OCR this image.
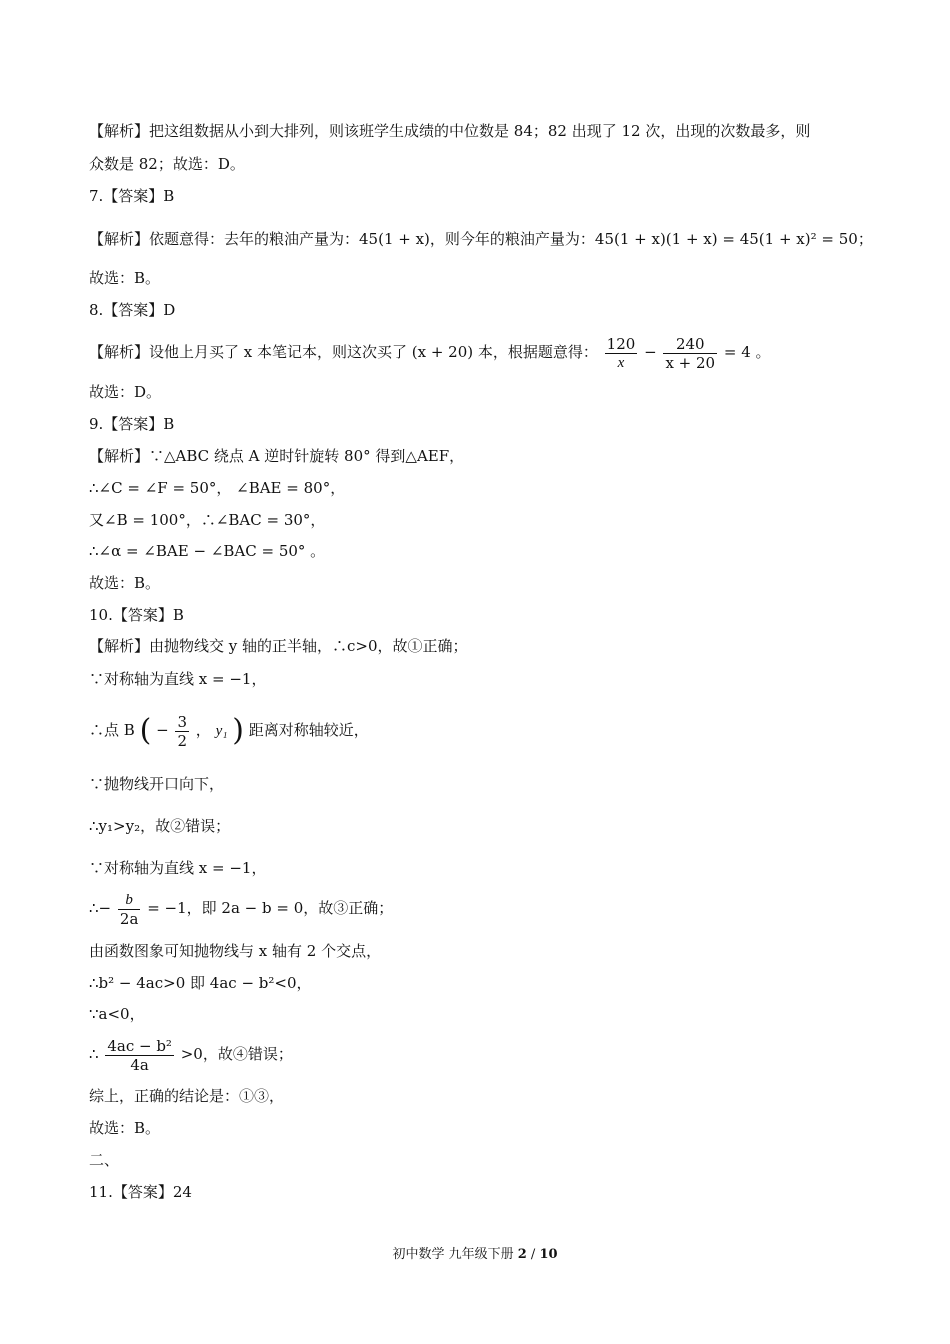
【解析】把这组数据从小到大排列，则该班学生成绩的中位数是 84；82 出现了 12 次，出现的次数最多，则
众数是 82；故选：D。
7.【答案】B
【解析】依题意得：去年的粮油产量为：45(1 + x)，则今年的粮油产量为：45(1 + x)(1 + x) = 45(1 + x)² = 50；
故选：B。
8.【答案】D
【解析】设他上月买了 x 本笔记本，则这次买了 (x + 20) 本，根据题意得： $\frac{120}{x} - \frac{240}{x + 20} = 4$ 。
故选：D。
9.【答案】B
【解析】∵△ABC 绕点 A 逆时针旋转 80° 得到△AEF，
∴∠C = ∠F = 50°， ∠BAE = 80°，
又∠B = 100°，∴∠BAC = 30°，
∴∠α = ∠BAE − ∠BAC = 50° 。
故选：B。
10.【答案】B
【解析】由抛物线交 y 轴的正半轴，∴c>0，故①正确；
∵对称轴为直线 x = −1，
∴点 B ( − $\frac{3}{2}$ ， y₁ ) 距离对称轴较近，
∵抛物线开口向下，
∴y₁>y₂，故②错误；
∵对称轴为直线 x = −1，
∴− $\frac{b}{2a} = -1$，即 2a − b = 0，故③正确；
由函数图象可知抛物线与 x 轴有 2 个交点，
∴b² − 4ac>0 即 4ac − b²<0，
∵a<0，
∴ $\frac{\text{4ac − b²}}{4a} >0$，故④错误；
综上，正确的结论是：①③，
故选：B。
二、
11.【答案】24
初中数学 九年级下册 2 / 10
